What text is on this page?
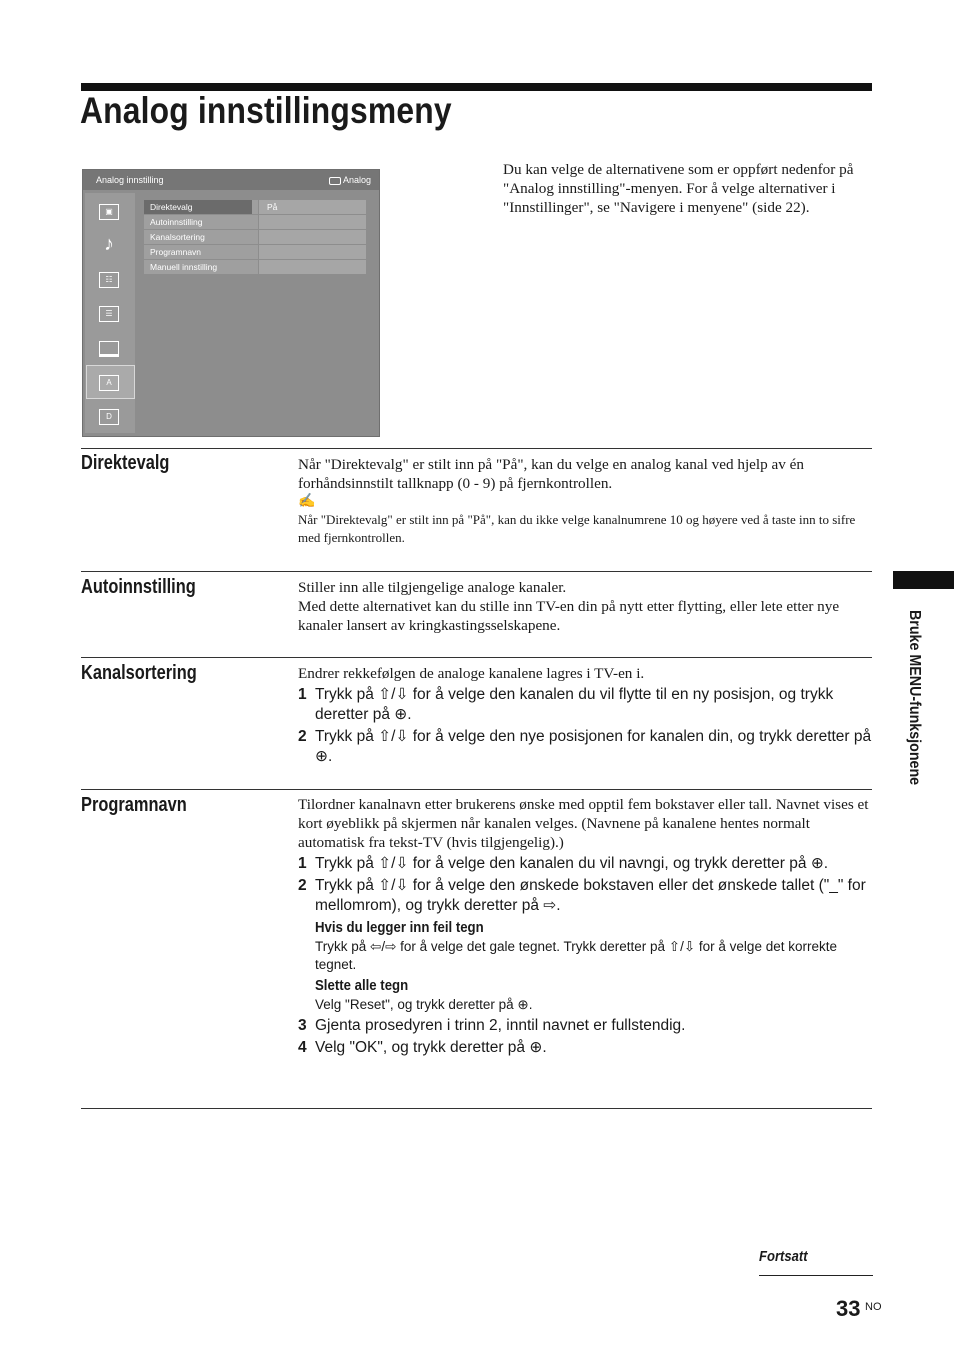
Analog innstillingsmeny
Analog innstilling	Analog
▣
♪
☷
☰
A
D
Direktevalg	På
Autoinnstilling
Kanalsortering
Programnavn
Manuell innstilling
Du kan velge de alternativene som er oppført nedenfor på "Analog innstilling"-menyen. For å velge alternativer i "Innstillinger", se "Navigere i menyene" (side 22).
Direktevalg	Når "Direktevalg" er stilt inn på "På", kan du velge en analog kanal ved hjelp av én forhåndsinnstilt tallknapp (0 - 9) på fjernkontrollen.
✍
Når "Direktevalg" er stilt inn på "På", kan du ikke velge kanalnumrene 10 og høyere ved å taste inn to sifre med fjernkontrollen.
Autoinnstilling	Stiller inn alle tilgjengelige analoge kanaler.
Med dette alternativet kan du stille inn TV-en din på nytt etter flytting, eller lete etter nye kanaler lansert av kringkastingsselskapene.
Kanalsortering	Endrer rekkefølgen de analoge kanalene lagres i TV-en i.
1 Trykk på ⇧/⇩ for å velge den kanalen du vil flytte til en ny posisjon, og trykk deretter på ⊕.
2 Trykk på ⇧/⇩ for å velge den nye posisjonen for kanalen din, og trykk deretter på ⊕.
Programnavn	Tilordner kanalnavn etter brukerens ønske med opptil fem bokstaver eller tall. Navnet vises et kort øyeblikk på skjermen når kanalen velges. (Navnene på kanalene hentes normalt automatisk fra tekst-TV (hvis tilgjengelig).)
1 Trykk på ⇧/⇩ for å velge den kanalen du vil navngi, og trykk deretter på ⊕.
2 Trykk på ⇧/⇩ for å velge den ønskede bokstaven eller det ønskede tallet ("_" for mellomrom), og trykk deretter på ⇨.
Hvis du legger inn feil tegn
Trykk på ⇦/⇨ for å velge det gale tegnet. Trykk deretter på ⇧/⇩ for å velge det korrekte tegnet.
Slette alle tegn
Velg "Reset", og trykk deretter på ⊕.
3 Gjenta prosedyren i trinn 2, inntil navnet er fullstendig.
4 Velg "OK", og trykk deretter på ⊕.
Bruke MENU-funksjonene
Fortsatt
33 NO
